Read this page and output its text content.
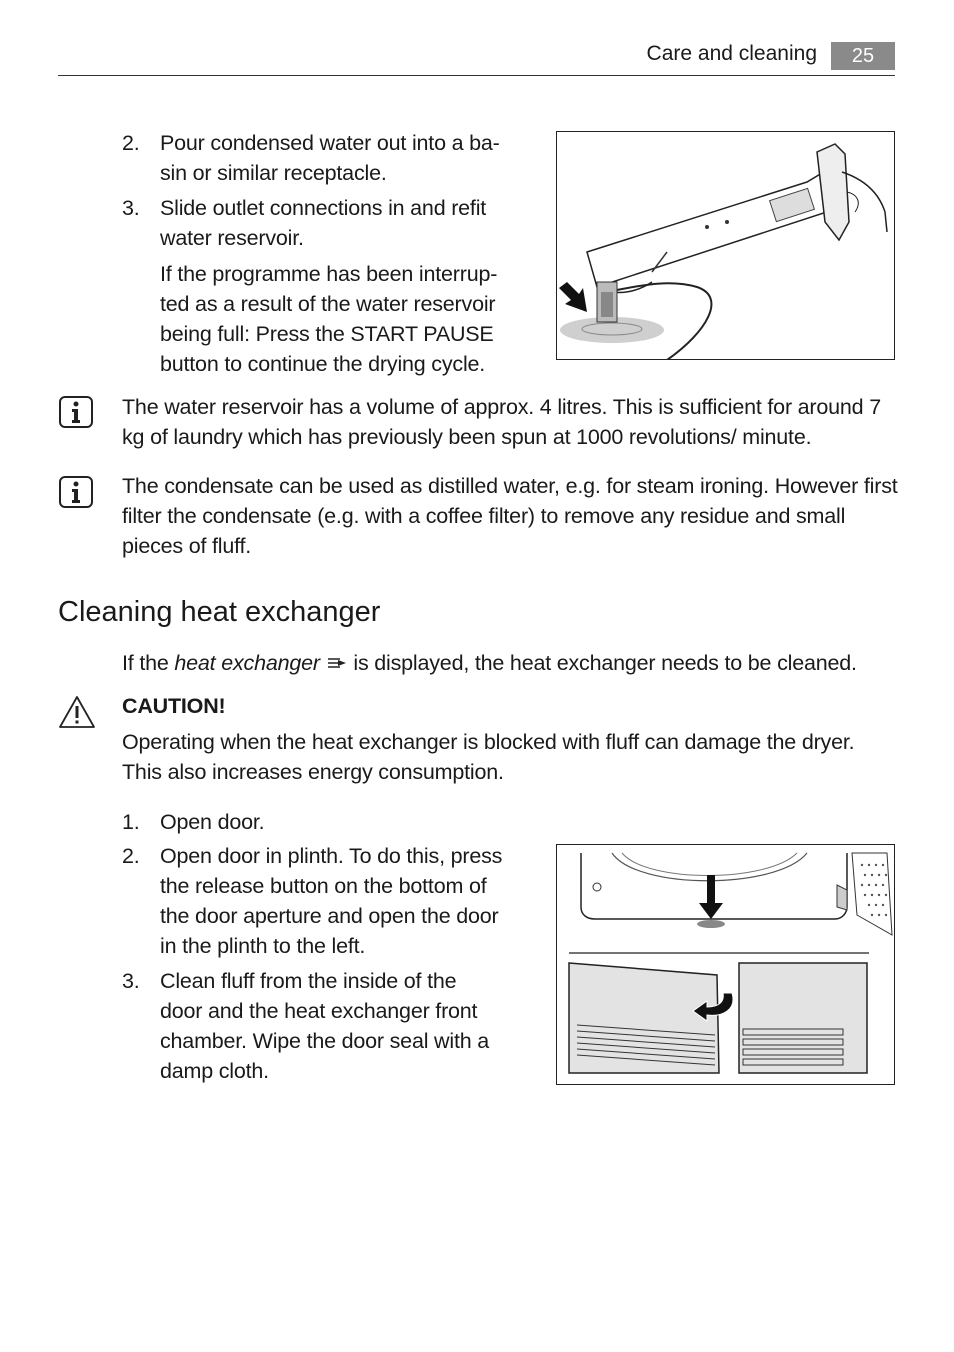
Care and cleaning	25
2. Pour condensed water out into a ba-
sin or similar receptacle.
3. Slide outlet connections in and refit
water reservoir.
If the programme has been interrup-
ted as a result of the water reservoir
being full: Press the START PAUSE
button to continue the drying cycle.
The water reservoir has a volume of approx. 4 litres. This is sufficient for around 7
kg of laundry which has previously been spun at 1000 revolutions/ minute.
The condensate can be used as distilled water, e.g. for steam ironing. However first
filter the condensate (e.g. with a coffee filter) to remove any residue and small
pieces of fluff.
Cleaning heat exchanger
If the heat exchanger  is displayed, the heat exchanger needs to be cleaned.
CAUTION!
Operating when the heat exchanger is blocked with fluff can damage the dryer.
This also increases energy consumption.
1. Open door.
2. Open door in plinth. To do this, press
the release button on the bottom of
the door aperture and open the door
in the plinth to the left.
3. Clean fluff from the inside of the
door and the heat exchanger front
chamber. Wipe the door seal with a
damp cloth.
